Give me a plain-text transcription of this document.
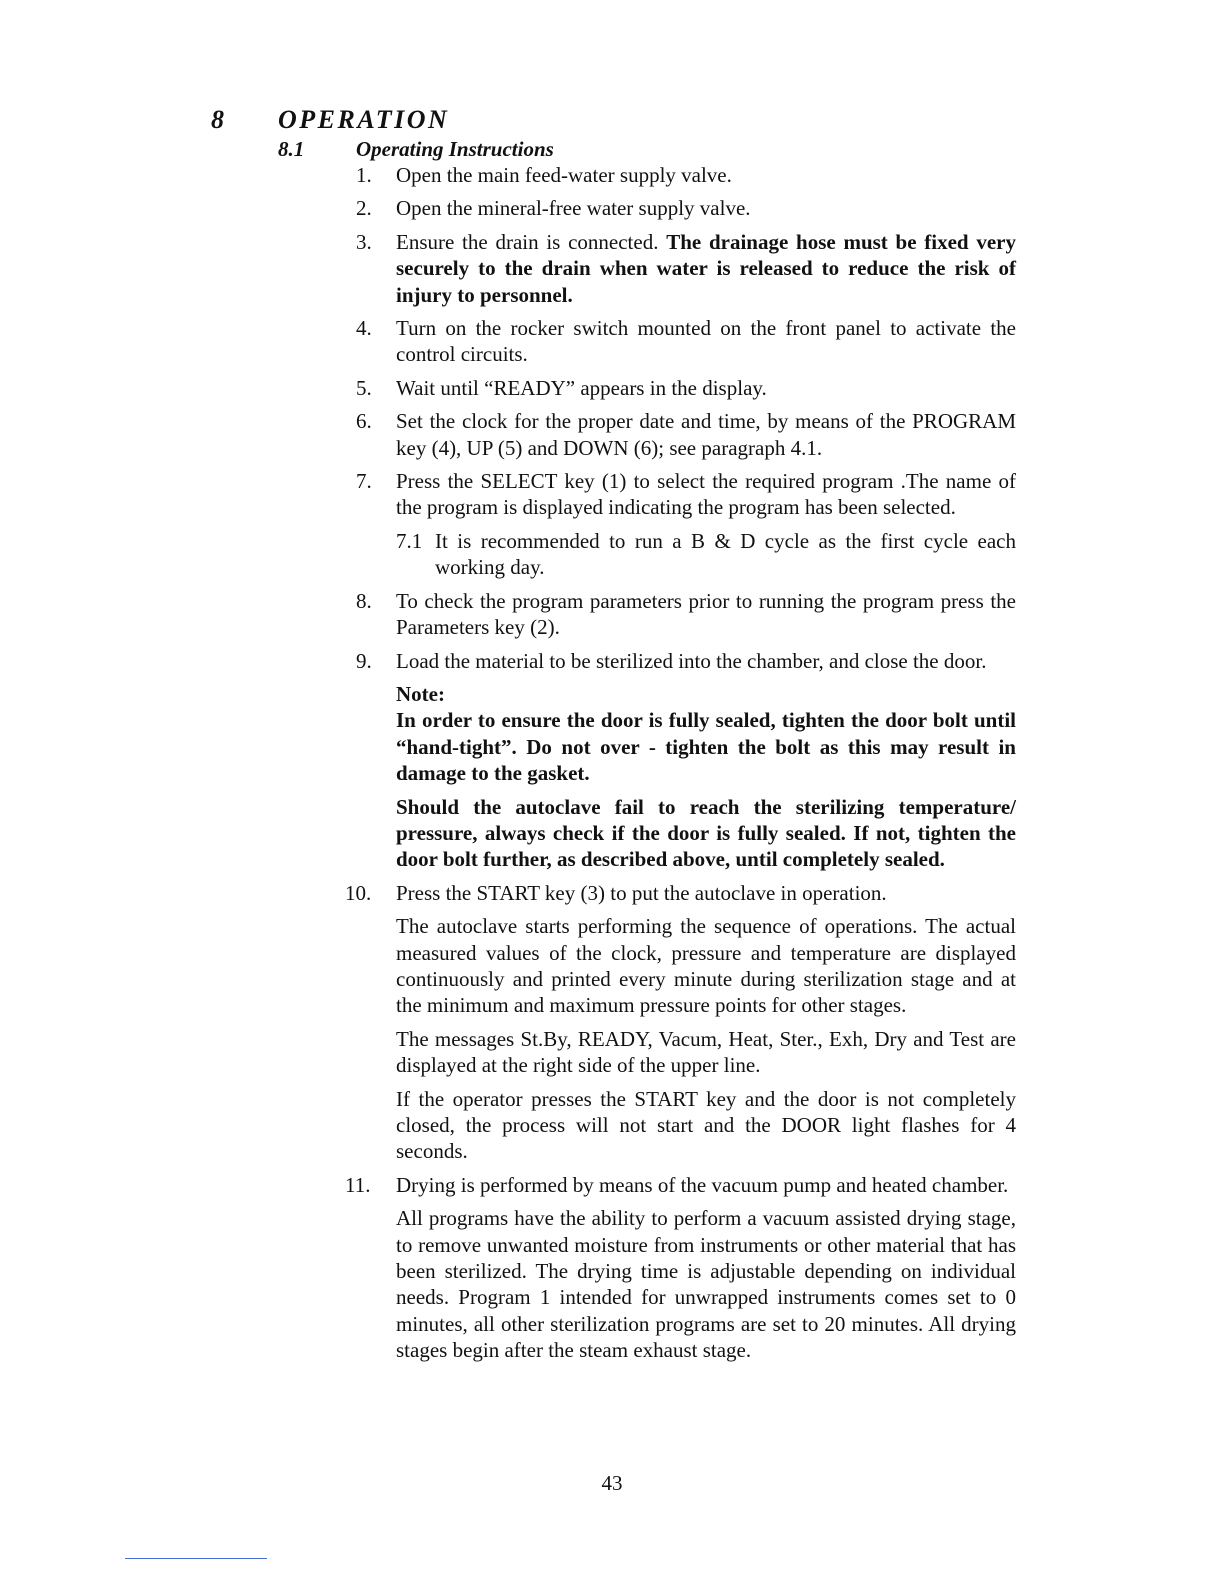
8 OPERATION
8.1 Operating Instructions
1.	Open the main feed-water supply valve.

2.	Open the mineral-free water supply valve.

3.	Ensure the drain is connected. The drainage hose must be fixed very securely to the drain when water is released to reduce the risk of injury to personnel.

4.	Turn on the rocker switch mounted on the front panel to activate the control circuits.

5.	Wait until “READY” appears in the display.

6.	Set the clock for the proper date and time, by means of the PROGRAM key (4), UP (5) and DOWN (6); see paragraph 4.1.

7.	Press the SELECT key (1) to select the required program .The name of the program is displayed indicating the program has been selected.

7.1 It is recommended to run a B & D cycle as the first cycle each working day.

8.	To check the program parameters prior to running the program press the Parameters key (2).

9.	Load the material to be sterilized into the chamber, and close the door.

Note:

In order to ensure the door is fully sealed, tighten the door bolt until “hand-tight”. Do not over - tighten the bolt as this may result in damage to the gasket.

Should the autoclave fail to reach the sterilizing temperature/ pressure, always check if the door is fully sealed. If not, tighten the door bolt further, as described above, until completely sealed.

10.	Press the START key (3) to put the autoclave in operation.

The autoclave starts performing the sequence of operations. The actual measured values of the clock, pressure and temperature are displayed continuously and printed every minute during sterilization stage and at the minimum and maximum pressure points for other stages.

The messages St.By, READY, Vacum, Heat, Ster., Exh, Dry and Test are displayed at the right side of the upper line.

If the operator presses the START key and the door is not completely closed, the process will not start and the DOOR light flashes for 4 seconds.

11.	Drying is performed by means of the vacuum pump and heated chamber.

All programs have the ability to perform a vacuum assisted drying stage, to remove unwanted moisture from instruments or other material that has been sterilized. The drying time is adjustable depending on individual needs. Program 1 intended for unwrapped instruments comes set to 0 minutes, all other sterilization programs are set to 20 minutes. All drying stages begin after the steam exhaust stage.

43
